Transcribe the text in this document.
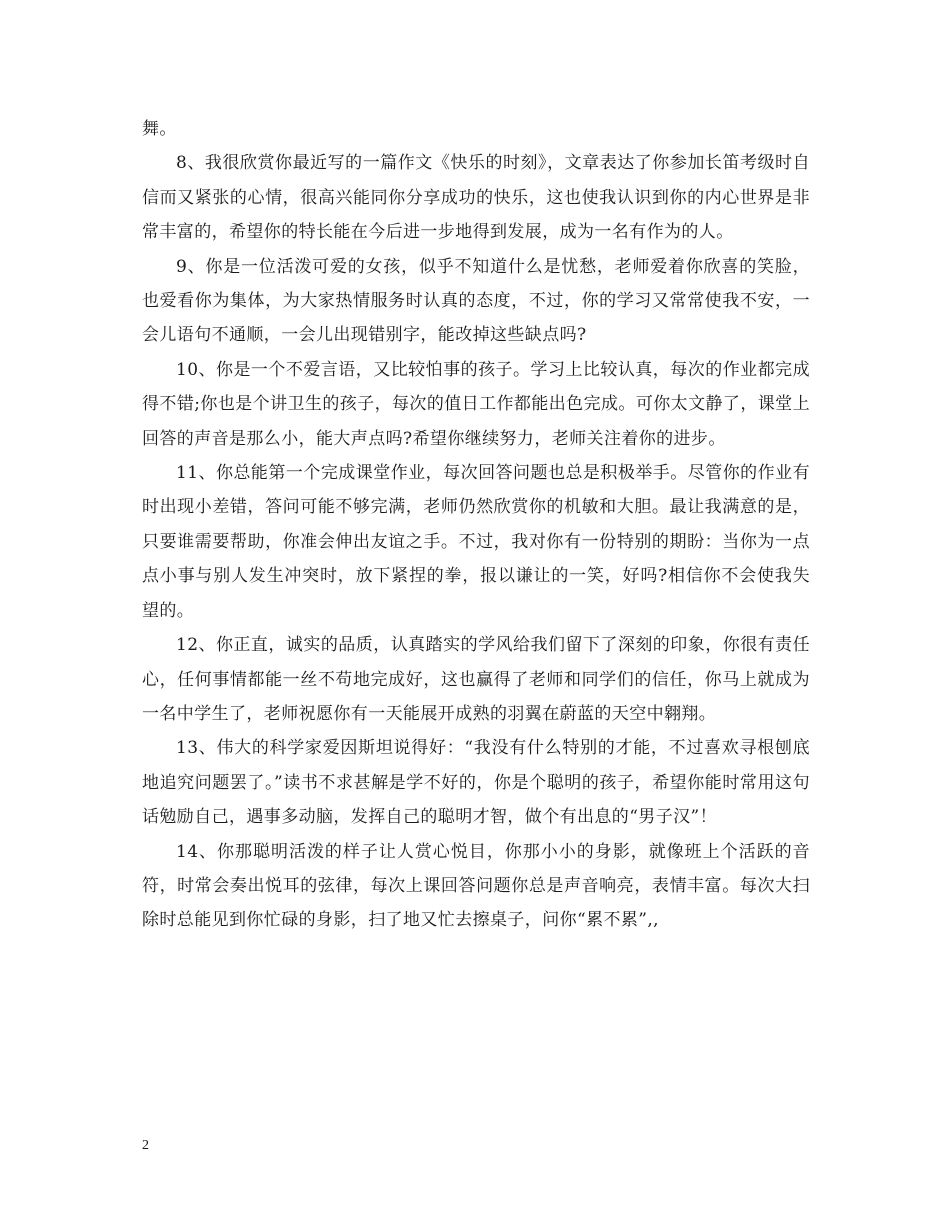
舞。

8、我很欣赏你最近写的一篇作文《快乐的时刻》，文章表达了你参加长笛考级时自信而又紧张的心情，很高兴能同你分享成功的快乐，这也使我认识到你的内心世界是非常丰富的，希望你的特长能在今后进一步地得到发展，成为一名有作为的人。

9、你是一位活泼可爱的女孩，似乎不知道什么是忧愁，老师爱着你欣喜的笑脸，也爱看你为集体，为大家热情服务时认真的态度，不过，你的学习又常常使我不安，一会儿语句不通顺，一会儿出现错别字，能改掉这些缺点吗?

10、你是一个不爱言语，又比较怕事的孩子。学习上比较认真，每次的作业都完成得不错;你也是个讲卫生的孩子，每次的值日工作都能出色完成。可你太文静了，课堂上回答的声音是那么小，能大声点吗?希望你继续努力，老师关注着你的进步。

11、你总能第一个完成课堂作业，每次回答问题也总是积极举手。尽管你的作业有时出现小差错，答问可能不够完满，老师仍然欣赏你的机敏和大胆。最让我满意的是，只要谁需要帮助，你准会伸出友谊之手。不过，我对你有一份特别的期盼：当你为一点点小事与别人发生冲突时，放下紧捏的拳，报以谦让的一笑，好吗?相信你不会使我失望的。

12、你正直，诚实的品质，认真踏实的学风给我们留下了深刻的印象，你很有责任心，任何事情都能一丝不苟地完成好，这也赢得了老师和同学们的信任，你马上就成为一名中学生了，老师祝愿你有一天能展开成熟的羽翼在蔚蓝的天空中翱翔。

13、伟大的科学家爱因斯坦说得好：“我没有什么特别的才能，不过喜欢寻根刨底地追究问题罢了。”读书不求甚解是学不好的，你是个聪明的孩子，希望你能时常用这句话勉励自己，遇事多动脑，发挥自己的聪明才智，做个有出息的“男子汉”！

14、你那聪明活泼的样子让人赏心悦目，你那小小的身影，就像班上个活跃的音符，时常会奏出悦耳的弦律，每次上课回答问题你总是声音响亮，表情丰富。每次大扫除时总能见到你忙碌的身影，扫了地又忙去擦桌子，问你“累不累”,,

2
